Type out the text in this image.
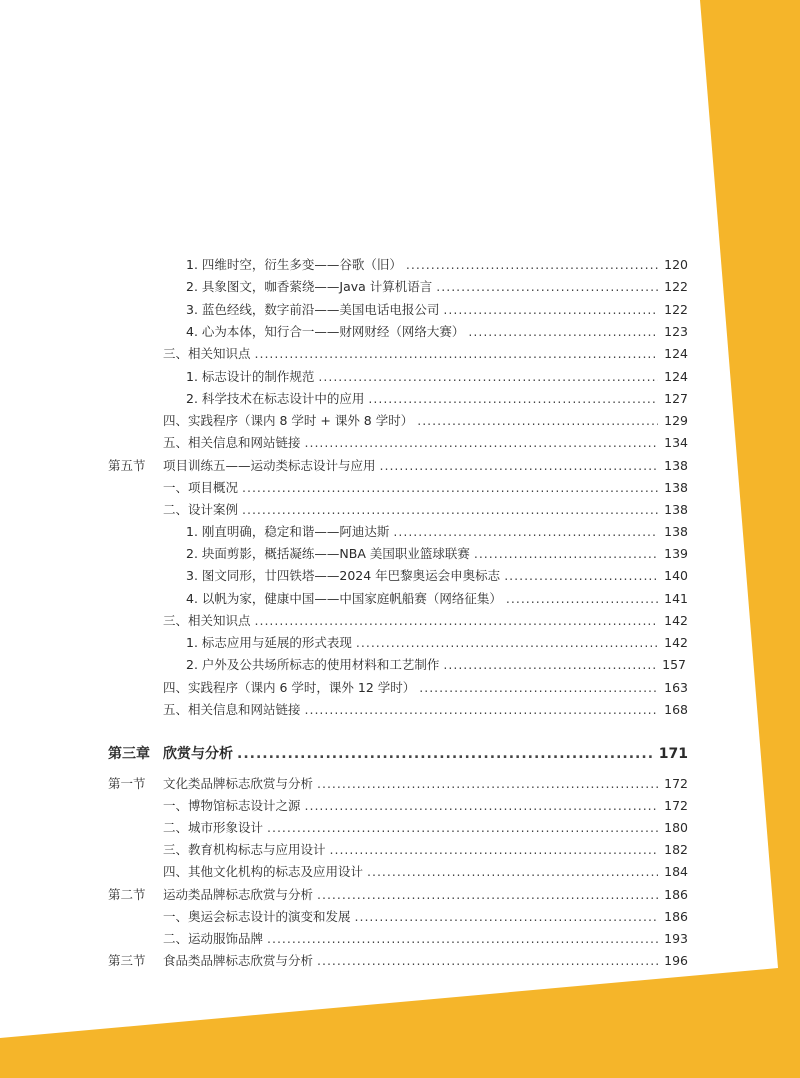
1. 四维时空，衍生多变——谷歌（旧） .....	120
2. 具象图文，咖香萦绕——Java 计算机语言 .....	122
3. 蓝色经线，数字前沿——美国电话电报公司 .....	122
4. 心为本体，知行合一——财网财经（网络大赛） .....	123
三、相关知识点 .....	124
1. 标志设计的制作规范 .....	124
2. 科学技术在标志设计中的应用 .....	127
四、实践程序（课内 8 学时 + 课外 8 学时） .....	129
五、相关信息和网站链接 .....	134
第五节 项目训练五——运动类标志设计与应用 .....	138
一、项目概况 .....	138
二、设计案例 .....	138
1. 刚直明确，稳定和谐——阿迪达斯 .....	138
2. 块面剪影，概括凝练——NBA 美国职业篮球联赛 .....	139
3. 图文同形，廿四铁塔——2024 年巴黎奥运会申奥标志 .....	140
4. 以帆为家，健康中国——中国家庭帆船赛（网络征集） .....	141
三、相关知识点 .....	142
1. 标志应用与延展的形式表现 .....	142
2. 户外及公共场所标志的使用材料和工艺制作 .....	157
四、实践程序（课内 6 学时，课外 12 学时） .....	163
五、相关信息和网站链接 .....	168
第三章 欣赏与分析 .....	171
第一节 文化类品牌标志欣赏与分析 .....	172
一、博物馆标志设计之源 .....	172
二、城市形象设计 .....	180
三、教育机构标志与应用设计 .....	182
四、其他文化机构的标志及应用设计 .....	184
第二节 运动类品牌标志欣赏与分析 .....	186
一、奥运会标志设计的演变和发展 .....	186
二、运动服饰品牌 .....	193
第三节 食品类品牌标志欣赏与分析 .....	196
